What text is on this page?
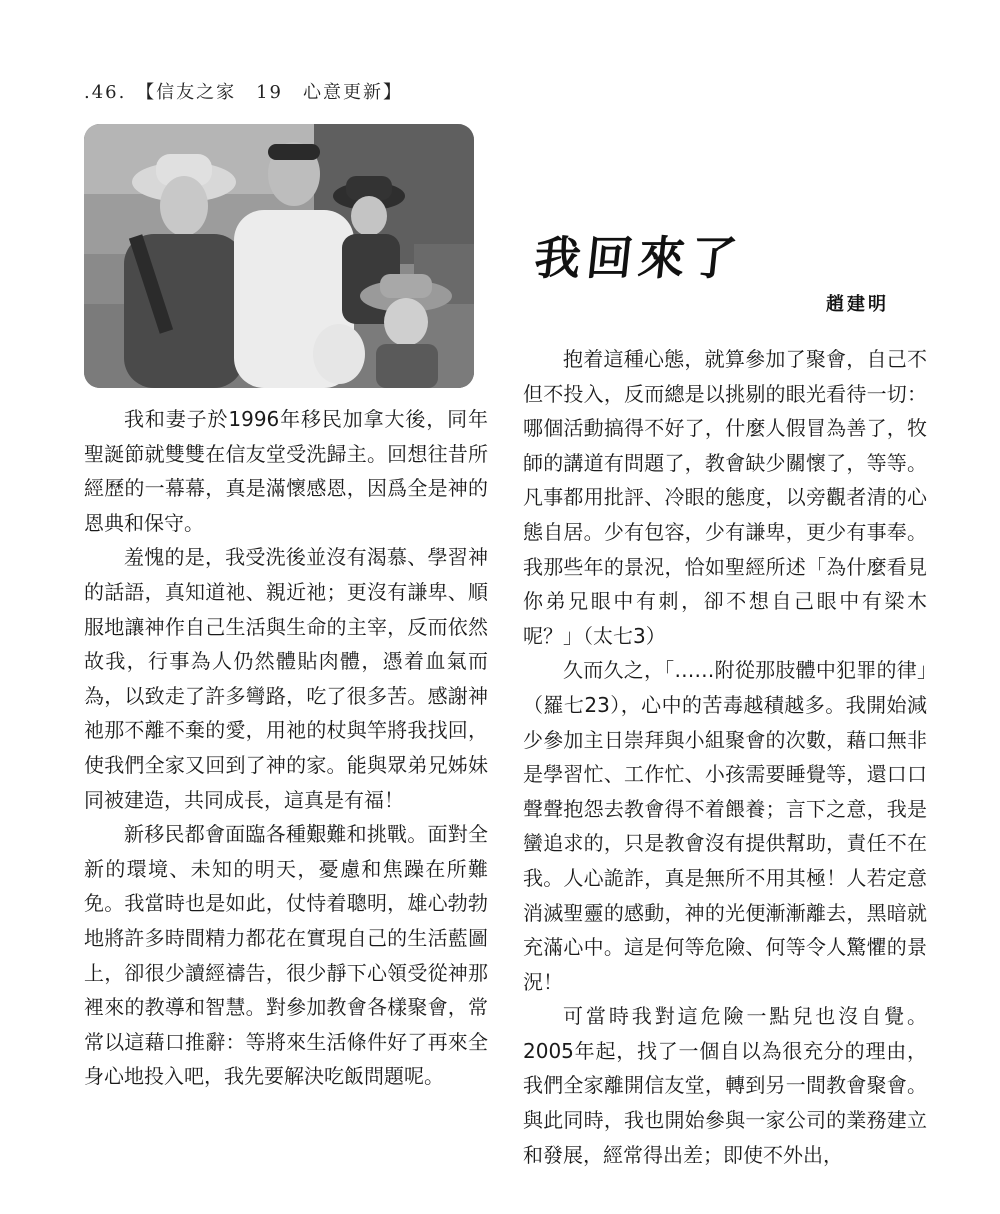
.46. 【信友之家　19　心意更新】
我回來了
趙建明

我和妻子於1996年移民加拿大後，同年聖誕節就雙雙在信友堂受洗歸主。回想往昔所經歷的一幕幕，真是滿懷感恩，因爲全是神的恩典和保守。

羞愧的是，我受洗後並沒有渴慕、學習神的話語，真知道祂、親近祂；更沒有謙卑、順服地讓神作自己生活與生命的主宰，反而依然故我，行事為人仍然體貼肉體，憑着血氣而為，以致走了許多彎路，吃了很多苦。感謝神祂那不離不棄的愛，用祂的杖與竿將我找回，使我們全家又回到了神的家。能與眾弟兄姊妹同被建造，共同成長，這真是有福！

新移民都會面臨各種艱難和挑戰。面對全新的環境、未知的明天，憂慮和焦躁在所難免。我當時也是如此，仗恃着聰明，雄心勃勃地將許多時間精力都花在實現自己的生活藍圖上，卻很少讀經禱告，很少靜下心領受從神那裡來的教導和智慧。對參加教會各樣聚會，常常以這藉口推辭：等將來生活條件好了再來全身心地投入吧，我先要解決吃飯問題呢。

抱着這種心態，就算參加了聚會，自己不但不投入，反而總是以挑剔的眼光看待一切：哪個活動搞得不好了，什麼人假冒為善了，牧師的講道有問題了，教會缺少關懷了，等等。凡事都用批評、冷眼的態度，以旁觀者清的心態自居。少有包容，少有謙卑，更少有事奉。我那些年的景況，恰如聖經所述「為什麼看見你弟兄眼中有刺，卻不想自己眼中有梁木呢？」（太七3）

久而久之，「……附從那肢體中犯罪的律」（羅七23），心中的苦毒越積越多。我開始減少參加主日崇拜與小組聚會的次數，藉口無非是學習忙、工作忙、小孩需要睡覺等，還口口聲聲抱怨去教會得不着餵養；言下之意，我是蠻追求的，只是教會沒有提供幫助，責任不在我。人心詭詐，真是無所不用其極！人若定意消滅聖靈的感動，神的光便漸漸離去，黑暗就充滿心中。這是何等危險、何等令人驚懼的景況！

可當時我對這危險一點兒也沒自覺。2005年起，找了一個自以為很充分的理由，我們全家離開信友堂，轉到另一間教會聚會。與此同時，我也開始參與一家公司的業務建立和發展，經常得出差；即使不外出，
